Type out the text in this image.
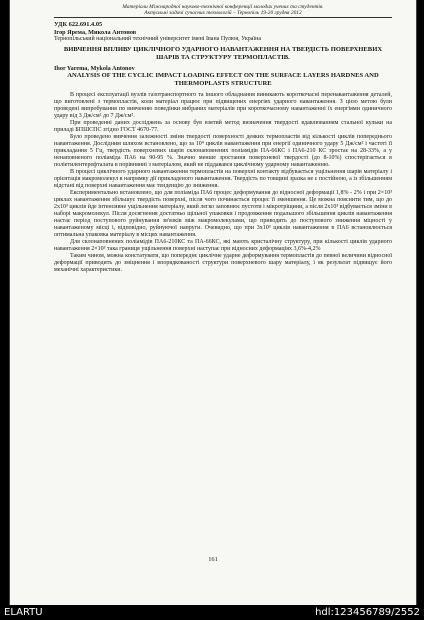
Матеріали Міжнародної науково-технічної конференції молодих учених та студентів.
Актуальні задачі сучасних технологій – Тернопіль 19-20 грудня 2012
УДК 622.691.4.05
Ігор Ярема, Микола Антонов
Тернопільський національний технічний університет імені Івана Пулюя, Україна
ВИВЧЕННЯ ВПЛИВУ ЦИКЛІЧНОГО УДАРНОГО НАВАНТАЖЕННЯ НА ТВЕРДІСТЬ ПОВЕРХНЕВИХ ШАРІВ ТА СТРУКТУРУ ТЕРМОПЛАСТІВ.
Ihor Yarema, Mykola Antonov
ANALYSIS OF THE CYCLIC IMPACT LOADING EFFECT ON THE SURFACE LAYERS HARDNES AND THERMOPLASTS STRUCTURE

В процесі експлуатації вузлів газотранспортного та іншого обладнання виникають короткочасні перенавантаження деталей, що виготовлені з термопластів, коли матеріал працює при підвищених енергіях ударного навантаження. З цією метою були проведені випробування по вивченню поведінки вибраних матеріалів при короткочасному навантаженні їх енергіями одиничного удару від 3 Дж/см² до 7 Дж/см².

При проведенні даних досліджень за основу був взятий метод визначення твердості вдавлюванням стальної кульки на приладі БПШСПС згідно ГОСТ 4670-77.

Було проведено вивчення залежності зміни твердості поверхності деяких термопластів від кількості циклів попереднього навантаження. Дослідним шляхом встановлено, що за 10⁴ циклів навантаження при енергії одиничного удару 5 Дж/см² і частоті її прикладання 5 Гц, твердість поверхневих шарів склонаповнених поліамідів ПА-66КС і ПА6-210 КС зростає на 28-33%, а у ненаповненого поліаміда ПА6 на 90-95 %. Значно менше зростання поверхневої твердості (до 8-10%) спостерігається в поліетилентерефталата в порівнянні з матеріалом, який не піддавався циклічному ударному навантаженню.

В процесі циклічного ударного навантаження термопластів на поверхні контакту відбувається ущільнення шарів матеріалу і орієнтація макромолекул в напрямку дії прикладеного навантаження. Твердість по товщині зразка не є постійною, а із збільшенням відстані від поверхні навантаження має тенденцію до зниження.

Експериментально встановлено, що для поліаміда ПА6 процес деформування до відносної деформації 1,8% - 2% і при 2×10³ циклах навантаження збільшує твердість поверхні, після чого починається процес її зменшення. Це можна пояснити тим, що до 2х10³ циклів йде інтенсивне ущільнення матеріалу, який легко заповнює пустоти і мікротріщини, а після 2х10³ відбувається зміни в наборі макромолекул. Після досягнення достатньо щільної упаковки і продовження подальшого збільшення циклів навантаження настає період поступового руйнування зв'язків між макромолекулами, що приводить до поступового зниження міцності у навантаженому місці і, відповідно, руйнуючої напруги. Очевидно, що при 3х10³ циклів навантаження в ПА6 встановлюється оптимальна упаковка матеріалу в місцях навантаження.

Для склонаповнених поліамідів ПА6-210КС та ПА-66КС, які мають кристалічну структуру, при кількості циклів ударного навантаження 2×10³ така границя ущільнення поверхні наступає при відносних деформаціях 3,6%-4,2%

Таким чином, можна констатувати, що попереднє циклічне ударне деформування термопластів до певної величини відносної деформації приводить до зміцнення і впорядкованості структури поверхневого шару матеріалу, і як результат підвищує його механічні характеристики.

161
ELARTU	hdl:123456789/2552
